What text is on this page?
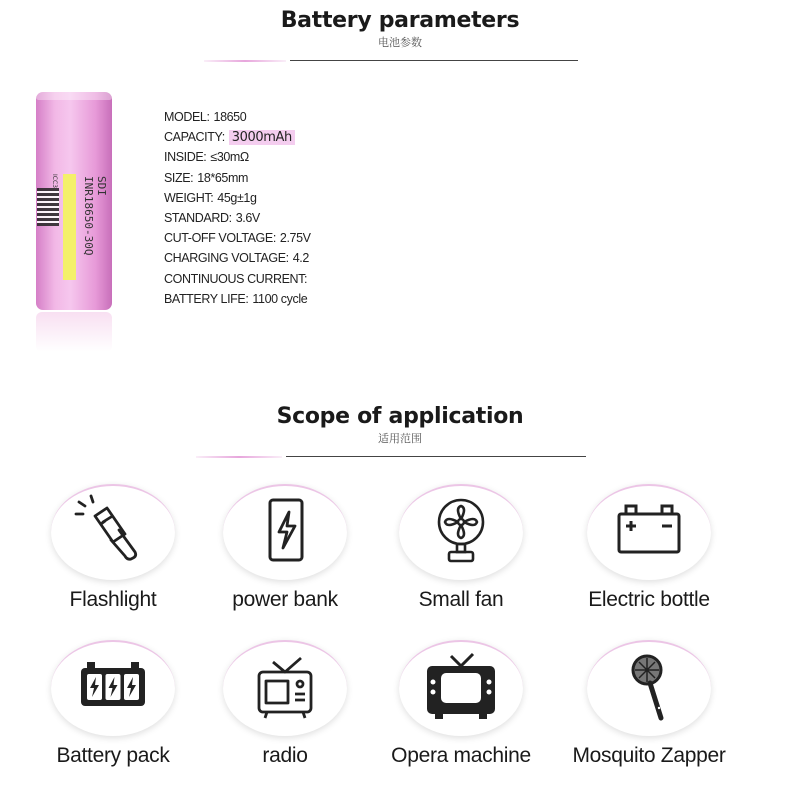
Battery parameters
电池参数
INR18650-30Q SDI
ICC3
MODEL: 18650
CAPACITY: 3000mAh
INSIDE: ≤30mΩ
SIZE: 18*65mm
WEIGHT: 45g±1g
STANDARD: 3.6V
CUT-OFF VOLTAGE: 2.75V
CHARGING VOLTAGE: 4.2
CONTINUOUS CURRENT:
BATTERY LIFE: 1100 cycle
Scope of application
适用范围
Flashlight	power bank	Small fan	Electric bottle
Battery pack	radio	Opera machine	Mosquito Zapper
